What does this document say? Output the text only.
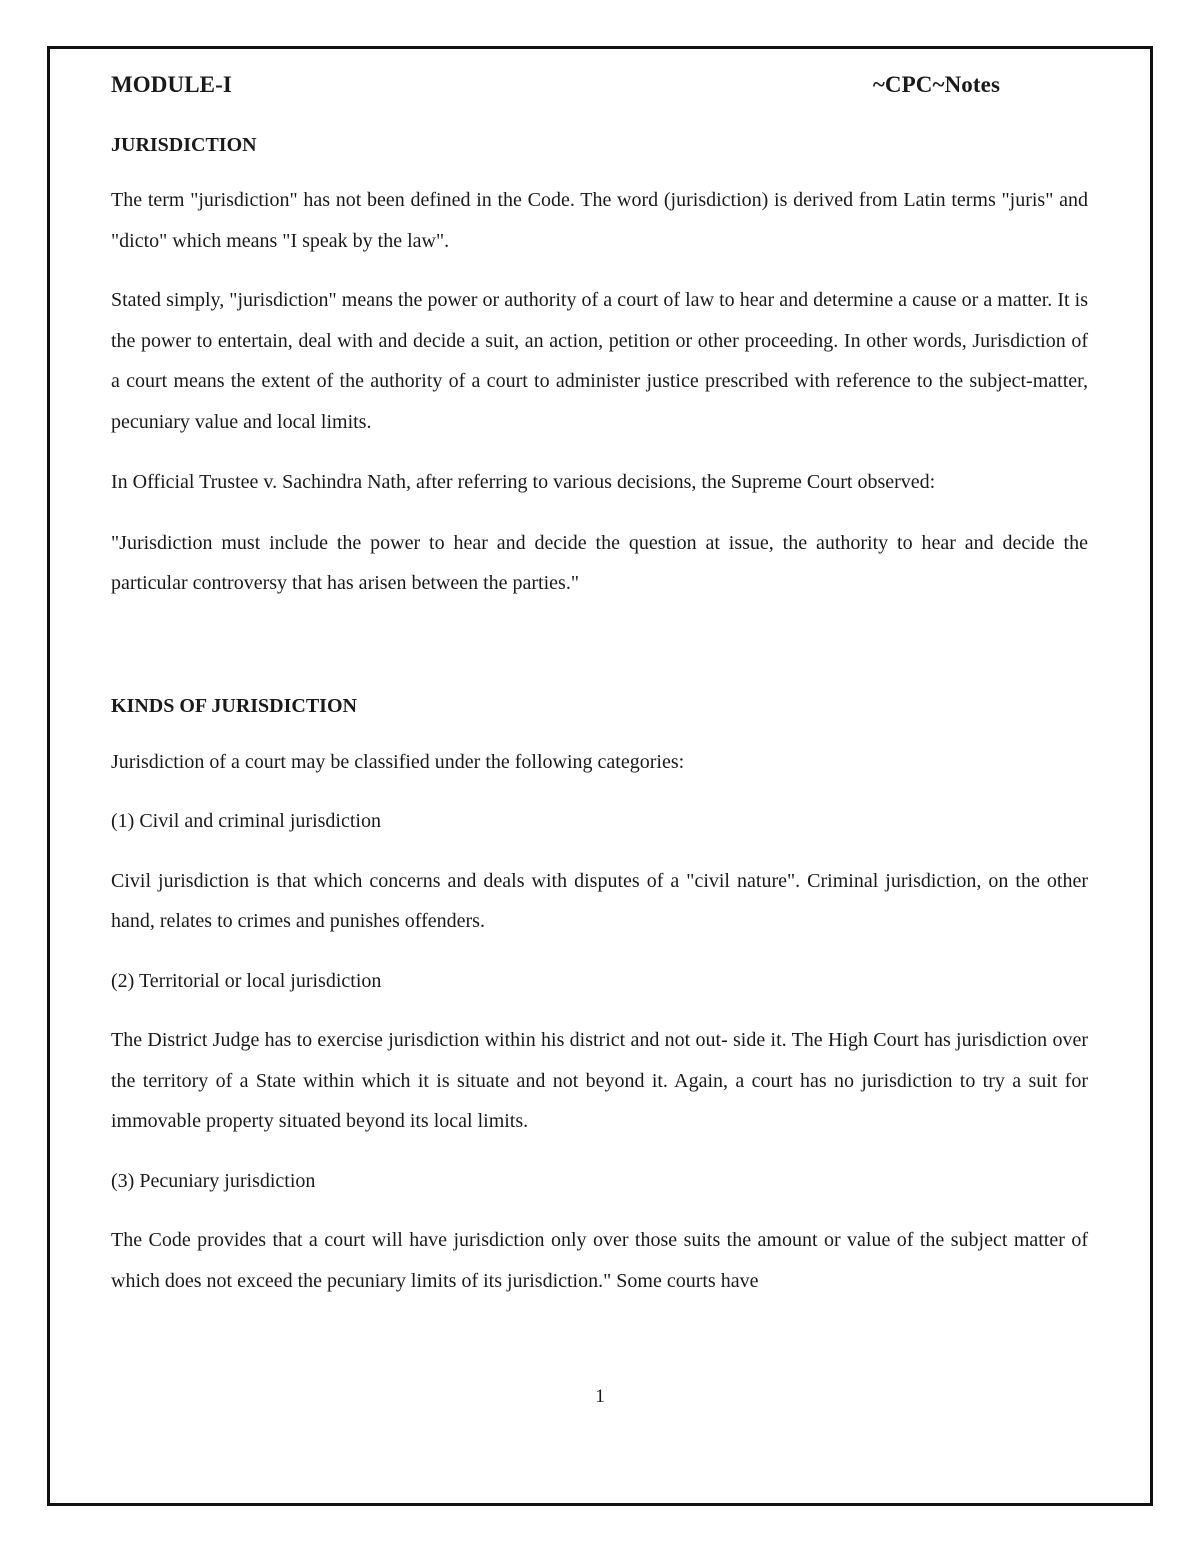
MODULE-I	~CPC~Notes

JURISDICTION

The term "jurisdiction" has not been defined in the Code. The word (jurisdiction) is derived from Latin terms "juris" and "dicto" which means "I speak by the law".

Stated simply, "jurisdiction" means the power or authority of a court of law to hear and determine a cause or a matter. It is the power to entertain, deal with and decide a suit, an action, petition or other proceeding. In other words, Jurisdiction of a court means the extent of the authority of a court to administer justice prescribed with reference to the subject-matter, pecuniary value and local limits.

In Official Trustee v. Sachindra Nath, after referring to various decisions, the Supreme Court observed:

"Jurisdiction must include the power to hear and decide the question at issue, the authority to hear and decide the particular controversy that has arisen between the parties."

KINDS OF JURISDICTION

Jurisdiction of a court may be classified under the following categories:

(1) Civil and criminal jurisdiction

Civil jurisdiction is that which concerns and deals with disputes of a "civil nature". Criminal jurisdiction, on the other hand, relates to crimes and punishes offenders.

(2) Territorial or local jurisdiction

The District Judge has to exercise jurisdiction within his district and not out- side it. The High Court has jurisdiction over the territory of a State within which it is situate and not beyond it. Again, a court has no jurisdiction to try a suit for immovable property situated beyond its local limits.

(3) Pecuniary jurisdiction

The Code provides that a court will have jurisdiction only over those suits the amount or value of the subject matter of which does not exceed the pecuniary limits of its jurisdiction." Some courts have

1
